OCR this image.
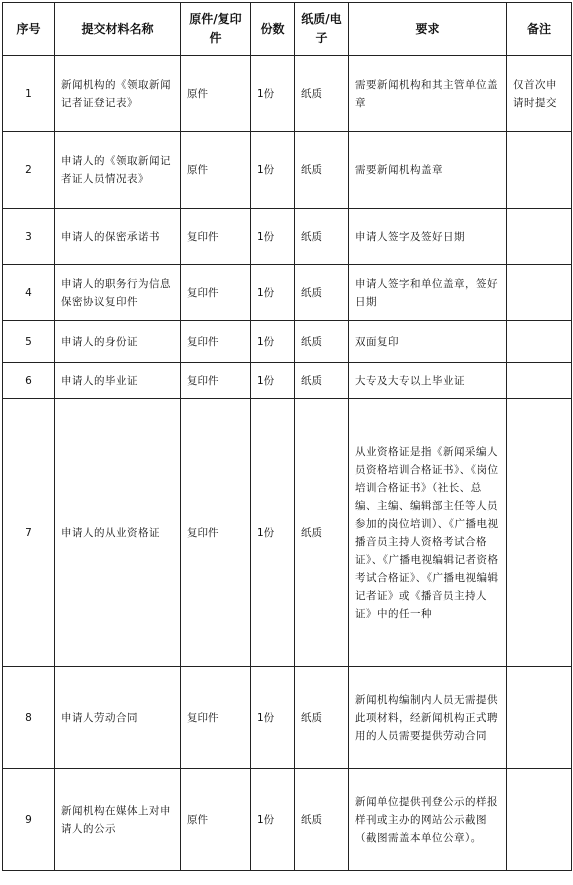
序号	提交材料名称	原件/复印件	份数	纸质/电子	要求	备注
1	新闻机构的《领取新闻记者证登记表》	原件	1份	纸质	需要新闻机构和其主管单位盖章	仅首次申请时提交
2	申请人的《领取新闻记者证人员情况表》	原件	1份	纸质	需要新闻机构盖章	
3	申请人的保密承诺书	复印件	1份	纸质	申请人签字及签好日期	
4	申请人的职务行为信息保密协议复印件	复印件	1份	纸质	申请人签字和单位盖章，签好日期	
5	申请人的身份证	复印件	1份	纸质	双面复印	
6	申请人的毕业证	复印件	1份	纸质	大专及大专以上毕业证	
7	申请人的从业资格证	复印件	1份	纸质	从业资格证是指《新闻采编人员资格培训合格证书》、《岗位培训合格证书》（社长、总编、主编、编辑部主任等人员参加的岗位培训）、《广播电视播音员主持人资格考试合格证》、《广播电视编辑记者资格考试合格证》、《广播电视编辑记者证》或《播音员主持人证》中的任一种	
8	申请人劳动合同	复印件	1份	纸质	新闻机构编制内人员无需提供此项材料，经新闻机构正式聘用的人员需要提供劳动合同	
9	新闻机构在媒体上对申请人的公示	原件	1份	纸质	新闻单位提供刊登公示的样报样刊或主办的网站公示截图（截图需盖本单位公章）。	
